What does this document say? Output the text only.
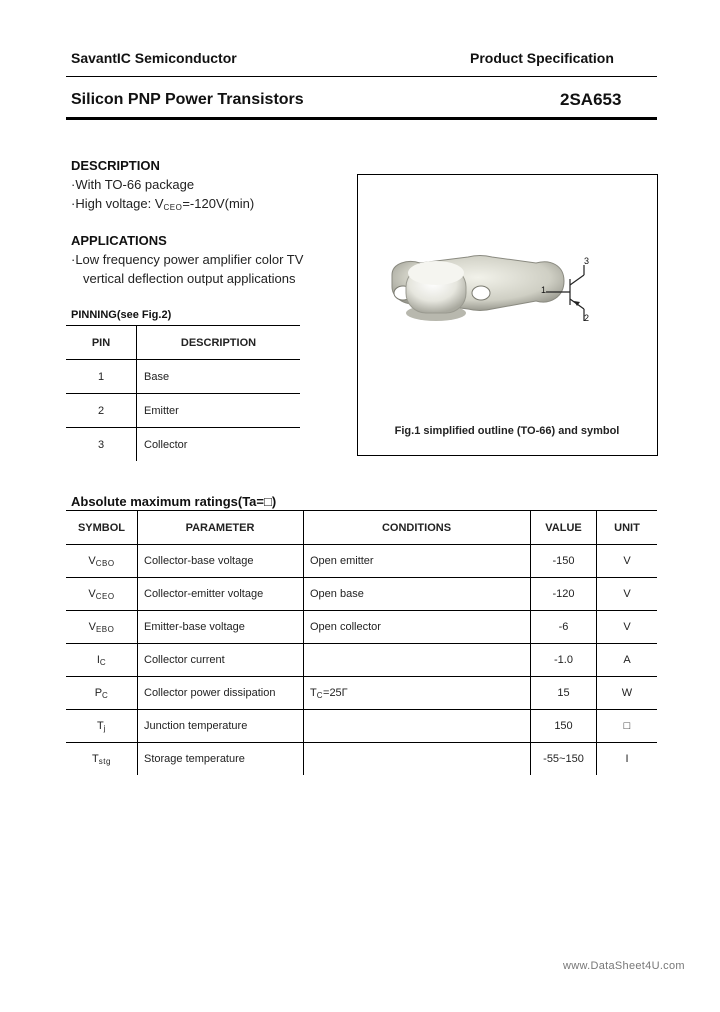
SavantIC Semiconductor	Product Specification
Silicon PNP Power Transistors	2SA653
DESCRIPTION
·With TO-66 package
·High voltage: $V_{CEO}=-120V(\min)$
APPLICATIONS
·Low frequency power amplifier color TV
vertical deflection output applications
PINNING(see Fig.2)
PIN	DESCRIPTION
1	Base
2	Emitter
3	Collector
1
2
3
Fig.1 simplified outline (TO-66) and symbol
Absolute maximum ratings(Ta=□)
SYMBOL	PARAMETER	CONDITIONS	VALUE	UNIT
$V_{CBO}$	Collector-base voltage	Open emitter	-150	V
$V_{CEO}$	Collector-emitter voltage	Open base	-120	V
$V_{EBO}$	Emitter-base voltage	Open collector	-6	V
$I_C$	Collector current		-1.0	A
$P_C$	Collector power dissipation	$T_C=25\Gamma$	15	W
$T_j$	Junction temperature		150	□
$T_{stg}$	Storage temperature		-55~150	I
www.DataSheet4U.com
